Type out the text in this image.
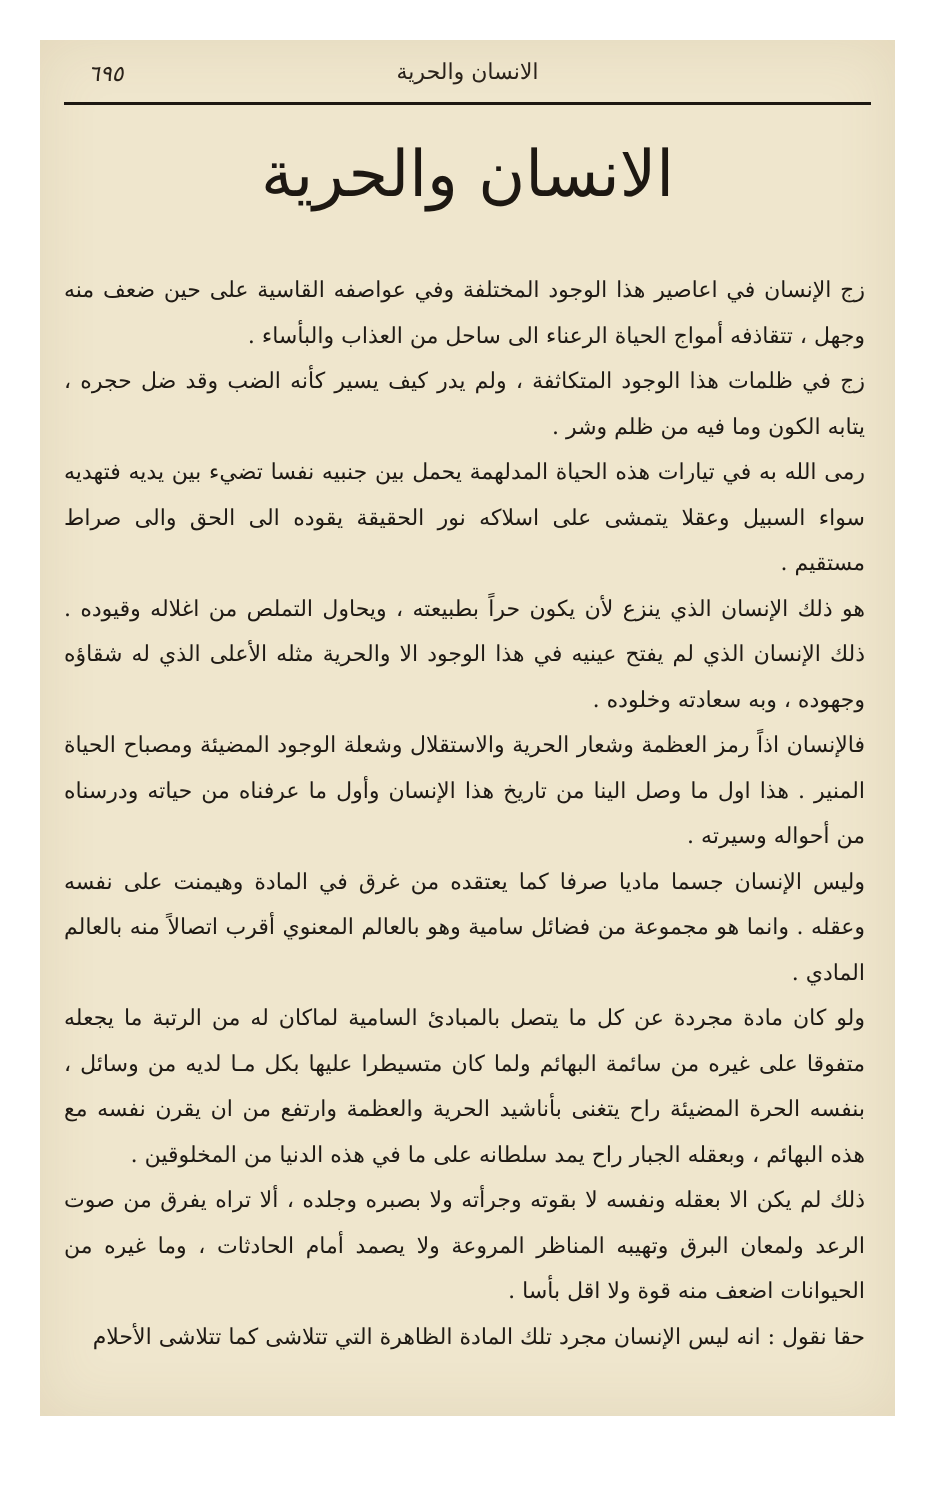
٦٩٥	الانسان والحرية
الانسان والحرية

زج الإنسان في اعاصير هذا الوجود المختلفة وفي عواصفه القاسية على حين ضعف منه وجهل ، تتقاذفه أمواج الحياة الرعناء الى ساحل من العذاب والبأساء .

زج في ظلمات هذا الوجود المتكاثفة ، ولم يدر كيف يسير كأنه الضب وقد ضل حجره ، يتابه الكون وما فيه من ظلم وشر .

رمى الله به في تيارات هذه الحياة المدلهمة يحمل بين جنبيه نفسا تضيء بين يديه فتهديه سواء السبيل وعقلا يتمشى على اسلاكه نور الحقيقة يقوده الى الحق والى صراط مستقيم .

هو ذلك الإنسان الذي ينزع لأن يكون حراً بطبيعته ، ويحاول التملص من اغلاله وقيوده . ذلك الإنسان الذي لم يفتح عينيه في هذا الوجود الا والحرية مثله الأعلى الذي له شقاؤه وجهوده ، وبه سعادته وخلوده .

فالإنسان اذاً رمز العظمة وشعار الحرية والاستقلال وشعلة الوجود المضيئة ومصباح الحياة المنير . هذا اول ما وصل الينا من تاريخ هذا الإنسان وأول ما عرفناه من حياته ودرسناه من أحواله وسيرته .

وليس الإنسان جسما ماديا صرفا كما يعتقده من غرق في المادة وهيمنت على نفسه وعقله . وانما هو مجموعة من فضائل سامية وهو بالعالم المعنوي أقرب اتصالاً منه بالعالم المادي .

ولو كان مادة مجردة عن كل ما يتصل بالمبادئ السامية لماكان له من الرتبة ما يجعله متفوقا على غيره من سائمة البهائم ولما كان متسيطرا عليها بكل مـا لديه من وسائل ، بنفسه الحرة المضيئة راح يتغنى بأناشيد الحرية والعظمة وارتفع من ان يقرن نفسه مع هذه البهائم ، وبعقله الجبار راح يمد سلطانه على ما في هذه الدنيا من المخلوقين .

ذلك لم يكن الا بعقله ونفسه لا بقوته وجرأته ولا بصبره وجلده ، ألا تراه يفرق من صوت الرعد ولمعان البرق وتهيبه المناظر المروعة ولا يصمد أمام الحادثات ، وما غيره من الحيوانات اضعف منه قوة ولا اقل بأسا .

حقا نقول : انه ليس الإنسان مجرد تلك المادة الظاهرة التي تتلاشى كما تتلاشى الأحلام
